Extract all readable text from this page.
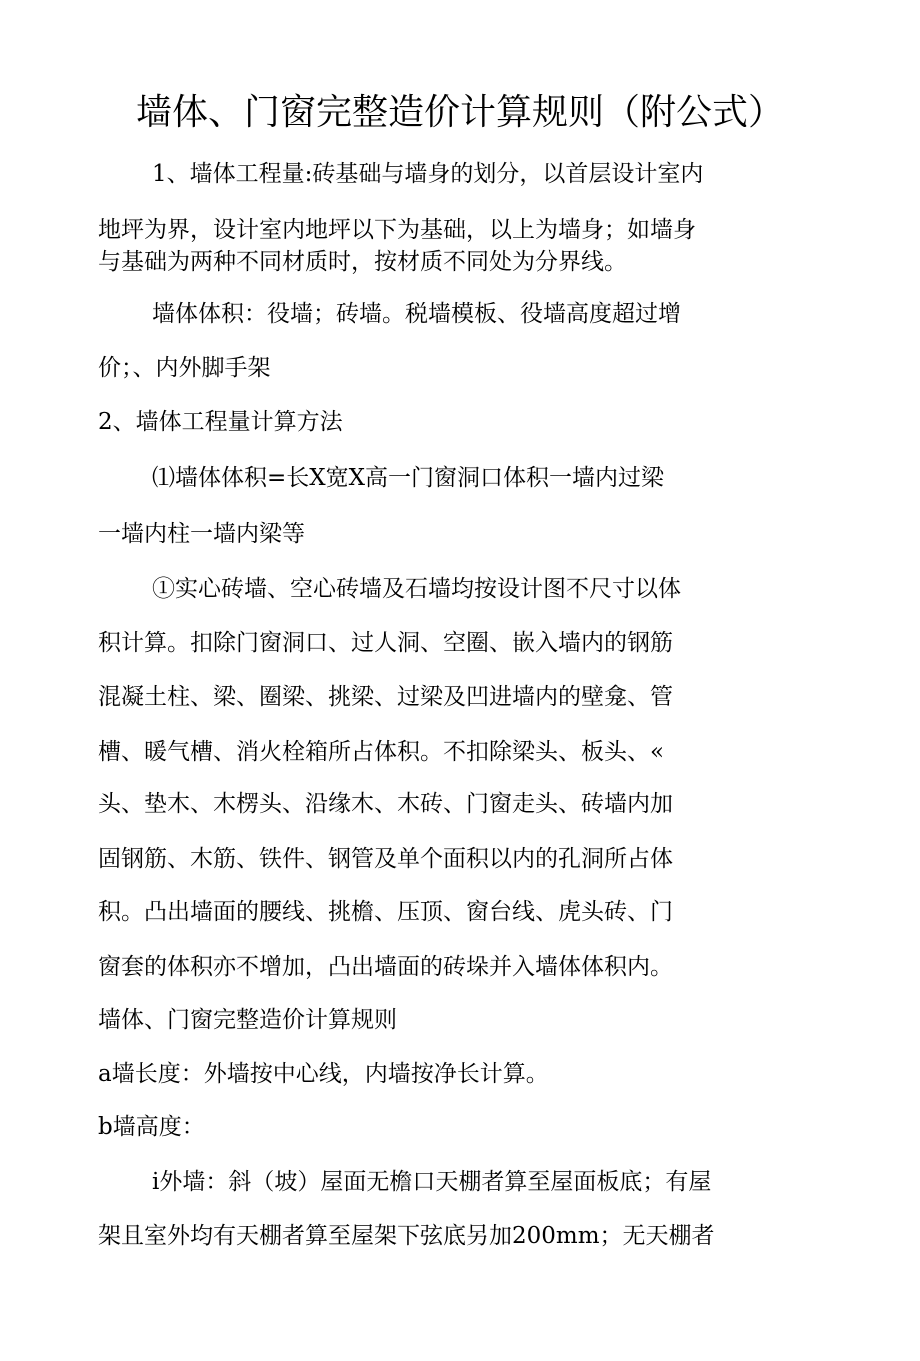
墙体、门窗完整造价计算规则（附公式）
1、墙体工程量:砖基础与墙身的划分，以首层设计室内
地坪为界，设计室内地坪以下为基础，以上为墙身；如墙身
与基础为两种不同材质时，按材质不同处为分界线。
墙体体积：役墙；砖墙。税墙模板、役墙高度超过增
价；、内外脚手架
2、墙体工程量计算方法
⑴墙体体积=长X宽X高一门窗洞口体积一墙内过梁
一墙内柱一墙内梁等
①实心砖墙、空心砖墙及石墙均按设计图不尺寸以体
积计算。扣除门窗洞口、过人洞、空圈、嵌入墙内的钢筋
混凝土柱、梁、圈梁、挑梁、过梁及凹进墙内的壁龛、管
槽、暖气槽、消火栓箱所占体积。不扣除梁头、板头、«
头、垫木、木楞头、沿缘木、木砖、门窗走头、砖墙内加
固钢筋、木筋、铁件、钢管及单个面积以内的孔洞所占体
积。凸出墙面的腰线、挑檐、压顶、窗台线、虎头砖、门
窗套的体积亦不增加，凸出墙面的砖垛并入墙体体积内。
墙体、门窗完整造价计算规则
a墙长度：外墙按中心线，内墙按净长计算。
b墙高度：
i外墙：斜（坡）屋面无檐口天棚者算至屋面板底；有屋
架且室外均有天棚者算至屋架下弦底另加200mm；无天棚者
